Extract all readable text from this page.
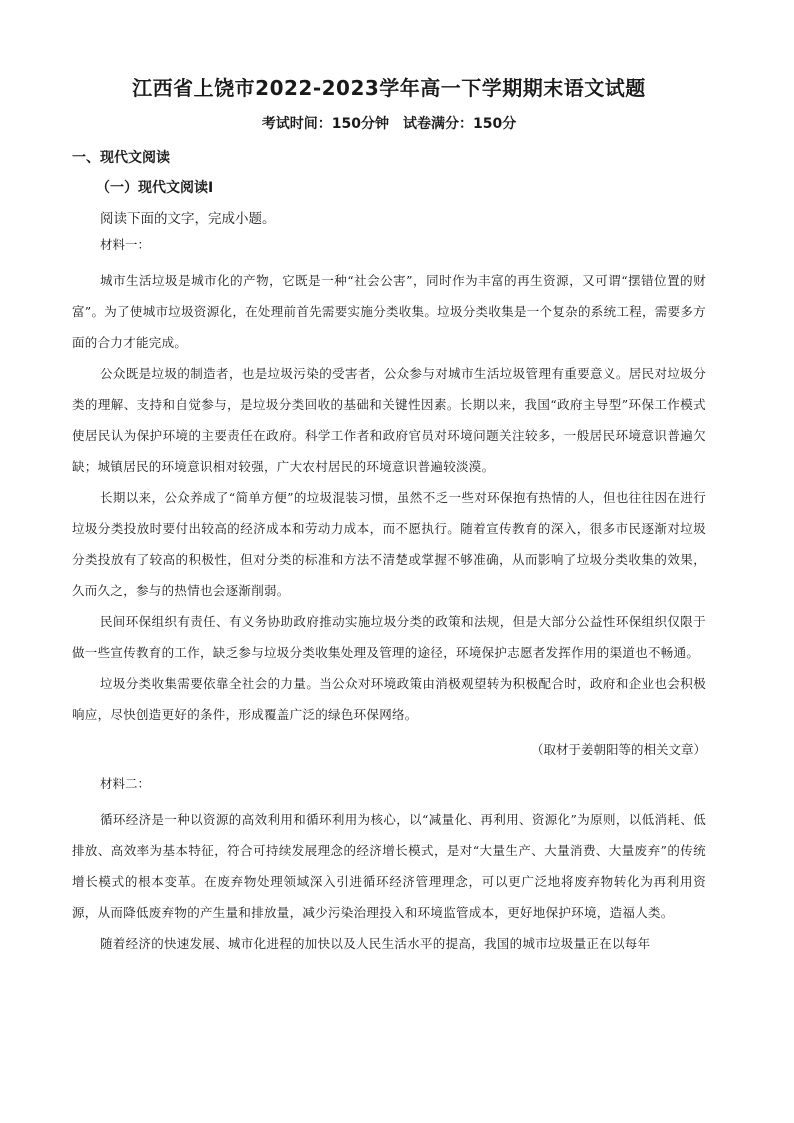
江西省上饶市2022-2023学年高一下学期期末语文试题
考试时间：150分钟　试卷满分：150分
一、现代文阅读
（一）现代文阅读I
阅读下面的文字，完成小题。
材料一：

城市生活垃圾是城市化的产物，它既是一种“社会公害”，同时作为丰富的再生资源，又可谓“摆错位置的财富”。为了使城市垃圾资源化，在处理前首先需要实施分类收集。垃圾分类收集是一个复杂的系统工程，需要多方面的合力才能完成。

公众既是垃圾的制造者，也是垃圾污染的受害者，公众参与对城市生活垃圾管理有重要意义。居民对垃圾分类的理解、支持和自觉参与，是垃圾分类回收的基础和关键性因素。长期以来，我国“政府主导型”环保工作模式使居民认为保护环境的主要责任在政府。科学工作者和政府官员对环境问题关注较多，一般居民环境意识普遍欠缺；城镇居民的环境意识相对较强，广大农村居民的环境意识普遍较淡漠。

长期以来，公众养成了“简单方便”的垃圾混装习惯，虽然不乏一些对环保抱有热情的人，但也往往因在进行垃圾分类投放时要付出较高的经济成本和劳动力成本，而不愿执行。随着宣传教育的深入，很多市民逐渐对垃圾分类投放有了较高的积极性，但对分类的标准和方法不清楚或掌握不够准确，从而影响了垃圾分类收集的效果，久而久之，参与的热情也会逐渐削弱。

民间环保组织有责任、有义务协助政府推动实施垃圾分类的政策和法规，但是大部分公益性环保组织仅限于做一些宣传教育的工作，缺乏参与垃圾分类收集处理及管理的途径，环境保护志愿者发挥作用的渠道也不畅通。

垃圾分类收集需要依靠全社会的力量。当公众对环境政策由消极观望转为积极配合时，政府和企业也会积极响应，尽快创造更好的条件，形成覆盖广泛的绿色环保网络。

（取材于姜朝阳等的相关文章）
材料二：

循环经济是一种以资源的高效利用和循环利用为核心，以“减量化、再利用、资源化”为原则，以低消耗、低排放、高效率为基本特征，符合可持续发展理念的经济增长模式，是对“大量生产、大量消费、大量废弃”的传统增长模式的根本变革。在废弃物处理领域深入引进循环经济管理理念，可以更广泛地将废弃物转化为再利用资源，从而降低废弃物的产生量和排放量，减少污染治理投入和环境监管成本，更好地保护环境，造福人类。

随着经济的快速发展、城市化进程的加快以及人民生活水平的提高，我国的城市垃圾量正在以每年
